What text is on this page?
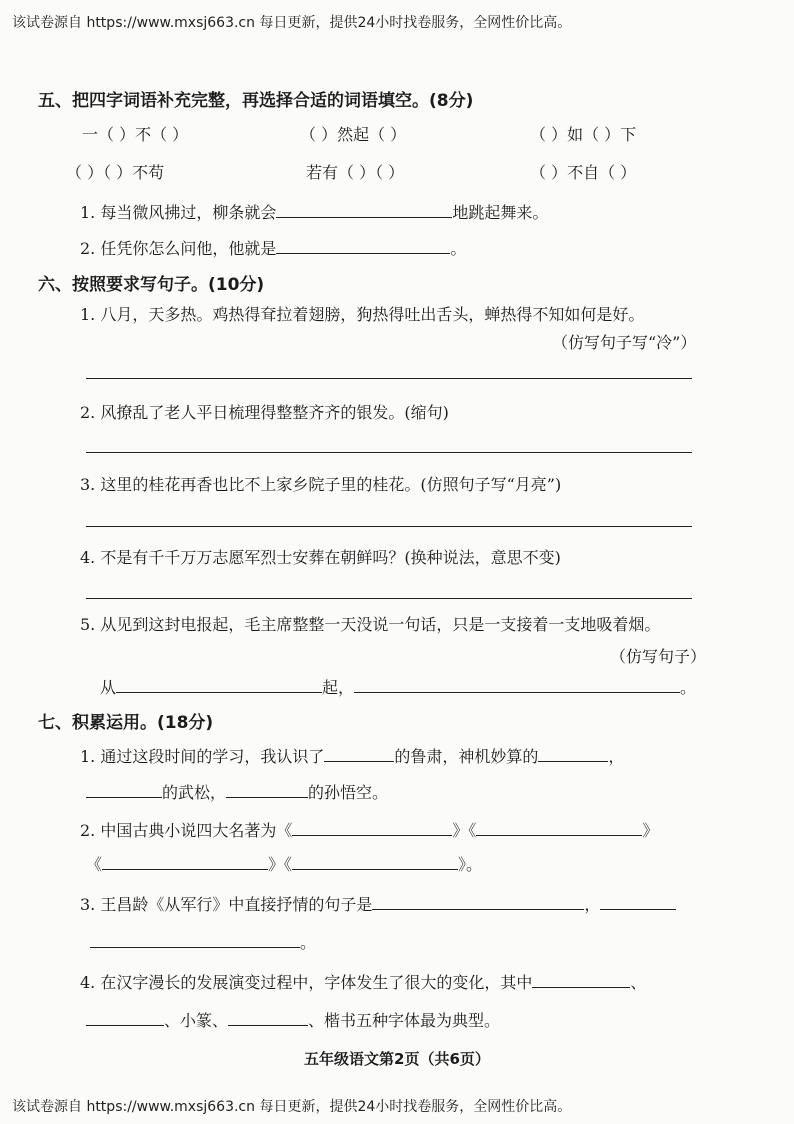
该试卷源自 https://www.mxsj663.cn 每日更新，提供24小时找卷服务，全网性价比高。
五、把四字词语补充完整，再选择合适的词语填空。(8分)
一（ ）不（ ）	（ ）然起（ ）	（ ）如（ ）下
（ ）（ ）不苟	若有（ ）（ ）	（ ）不自（ ）
1. 每当微风拂过，柳条就会	地跳起舞来。
2. 任凭你怎么问他，他就是	。
六、按照要求写句子。(10分)
1. 八月，天多热。鸡热得耷拉着翅膀，狗热得吐出舌头，蝉热得不知如何是好。
（仿写句子写“冷”）
2. 风撩乱了老人平日梳理得整整齐齐的银发。(缩句)
3. 这里的桂花再香也比不上家乡院子里的桂花。(仿照句子写“月亮”)
4. 不是有千千万万志愿军烈士安葬在朝鲜吗？(换种说法，意思不变)
5. 从见到这封电报起，毛主席整整一天没说一句话，只是一支接着一支地吸着烟。
（仿写句子）
从	起，	。
七、积累运用。(18分)
1. 通过这段时间的学习，我认识了	的鲁肃，神机妙算的	，
的武松，	的孙悟空。
2. 中国古典小说四大名著为《	》《	》
《	》《	》。
3. 王昌龄《从军行》中直接抒情的句子是	，
。
4. 在汉字漫长的发展演变过程中，字体发生了很大的变化，其中	、
、小篆、	、楷书五种字体最为典型。
五年级语文第2页（共6页）
该试卷源自 https://www.mxsj663.cn 每日更新，提供24小时找卷服务，全网性价比高。
